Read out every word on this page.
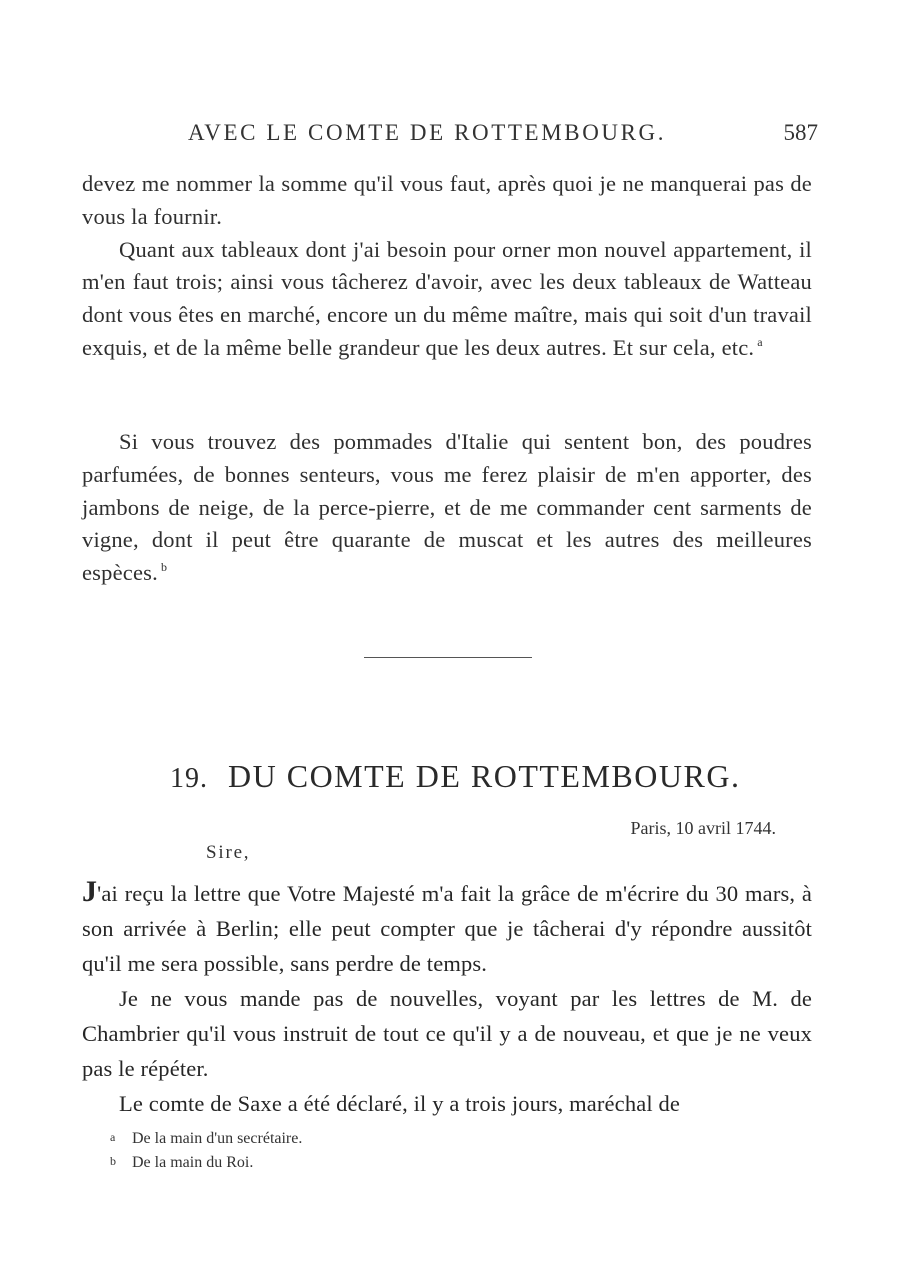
AVEC LE COMTE DE ROTTEMBOURG.	587

devez me nommer la somme qu'il vous faut, après quoi je ne manquerai pas de vous la fournir.

Quant aux tableaux dont j'ai besoin pour orner mon nouvel appartement, il m'en faut trois; ainsi vous tâcherez d'avoir, avec les deux tableaux de Watteau dont vous êtes en marché, encore un du même maître, mais qui soit d'un travail exquis, et de la même belle grandeur que les deux autres. Et sur cela, etc. $^a$

Si vous trouvez des pommades d'Italie qui sentent bon, des poudres parfumées, de bonnes senteurs, vous me ferez plaisir de m'en apporter, des jambons de neige, de la perce-pierre, et de me commander cent sarments de vigne, dont il peut être quarante de muscat et les autres des meilleures espèces. $^b$

19. DU COMTE DE ROTTEMBOURG.
Paris, 10 avril 1744.
Sire,

J'ai reçu la lettre que Votre Majesté m'a fait la grâce de m'écrire du 30 mars, à son arrivée à Berlin; elle peut compter que je tâcherai d'y répondre aussitôt qu'il me sera possible, sans perdre de temps.

Je ne vous mande pas de nouvelles, voyant par les lettres de M. de Chambrier qu'il vous instruit de tout ce qu'il y a de nouveau, et que je ne veux pas le répéter.

Le comte de Saxe a été déclaré, il y a trois jours, maréchal de

a De la main d'un secrétaire.
b De la main du Roi.
